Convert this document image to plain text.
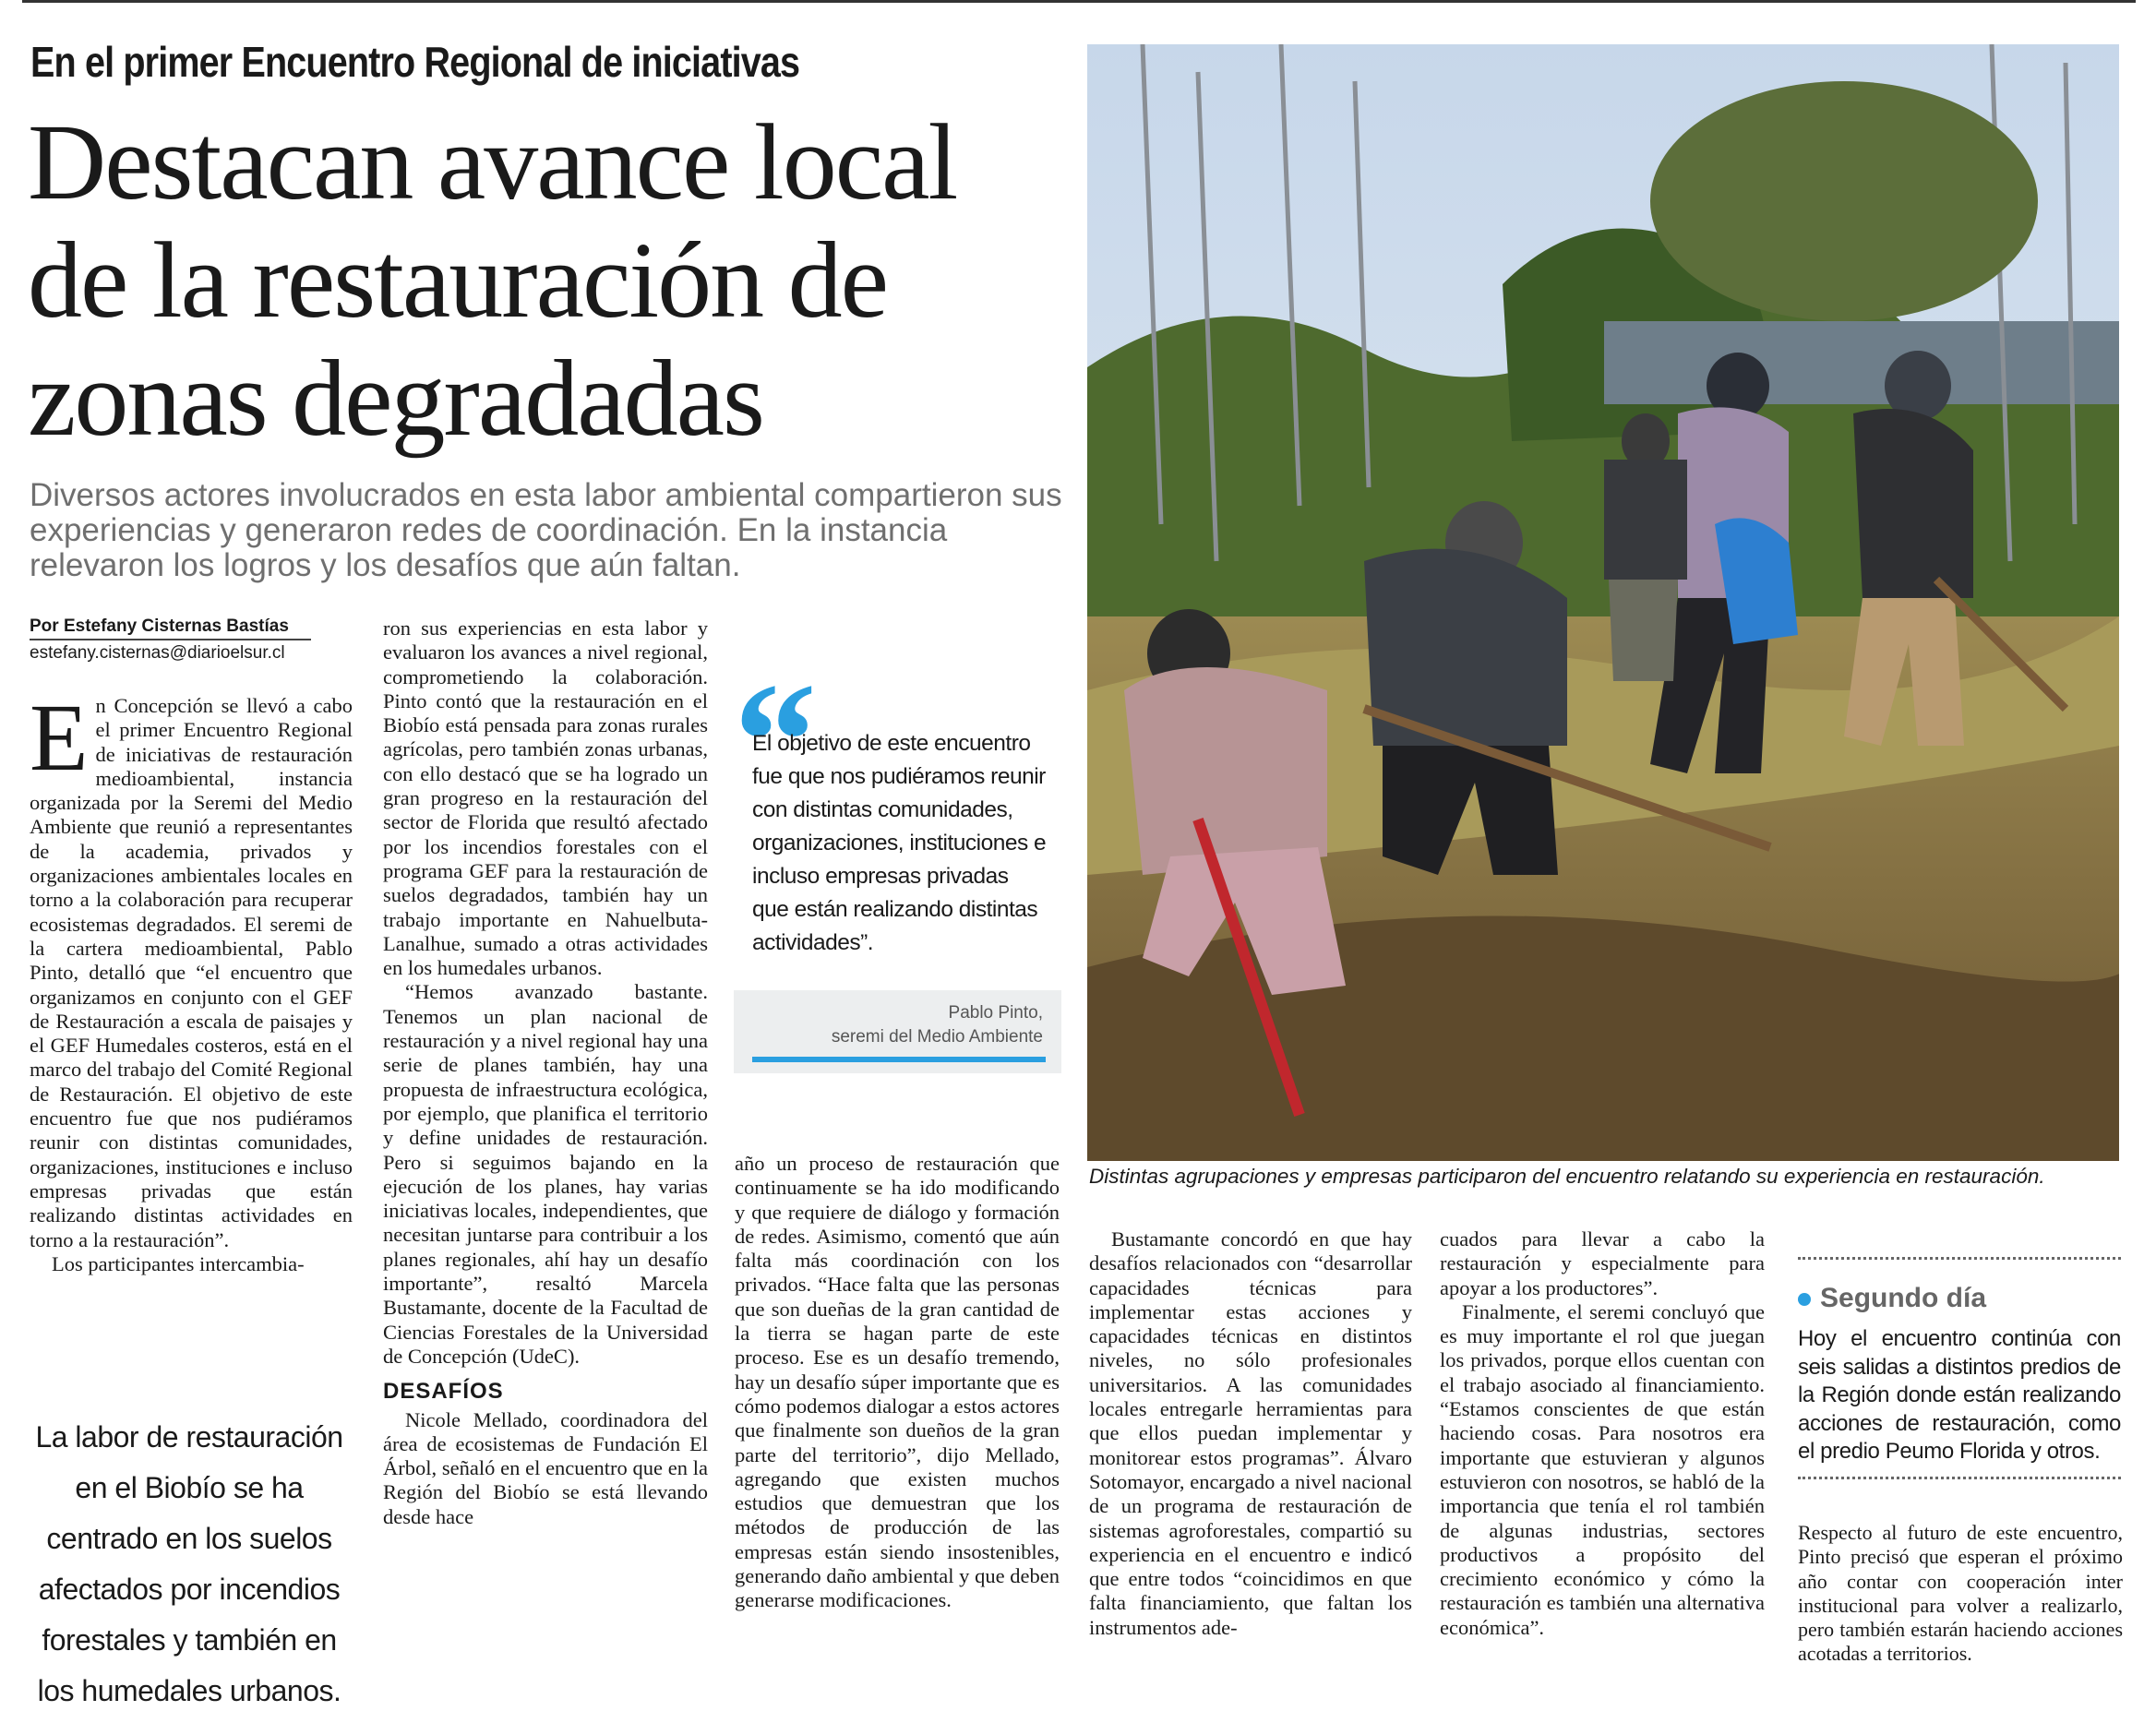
En el primer Encuentro Regional de iniciativas
Destacan avance local de la restauración de zonas degradadas
Diversos actores involucrados en esta labor ambiental compartieron sus experiencias y generaron redes de coordinación. En la instancia relevaron los logros y los desafíos que aún faltan.
Por Estefany Cisternas Bastías
estefany.cisternas@diarioelsur.cl

En Concepción se llevó a cabo el primer Encuentro Regional de iniciativas de restauración medioambiental, instancia organizada por la Seremi del Medio Ambiente que reunió a representantes de la academia, privados y organizaciones ambientales locales en torno a la colaboración para recuperar ecosistemas degradados. El seremi de la cartera medioambiental, Pablo Pinto, detalló que “el encuentro que organizamos en conjunto con el GEF de Restauración a escala de paisajes y el GEF Humedales costeros, está en el marco del trabajo del Comité Regional de Restauración. El objetivo de este encuentro fue que nos pudiéramos reunir con distintas comunidades, organizaciones, instituciones e incluso empresas privadas que están realizando distintas actividades en torno a la restauración”.

Los participantes intercambia-

La labor de restauración en el Biobío se ha centrado en los suelos afectados por incendios forestales y también en los humedales urbanos.

ron sus experiencias en esta labor y evaluaron los avances a nivel regional, comprometiendo la colaboración. Pinto contó que la restauración en el Biobío está pensada para zonas rurales agrícolas, pero también zonas urbanas, con ello destacó que se ha logrado un gran progreso en la restauración del sector de Florida que resultó afectado por los incendios forestales con el programa GEF para la restauración de suelos degradados, también hay un trabajo importante en Nahuelbuta-Lanalhue, sumado a otras actividades en los humedales urbanos.

“Hemos avanzado bastante. Tenemos un plan nacional de restauración y a nivel regional hay una serie de planes también, hay una propuesta de infraestructura ecológica, por ejemplo, que planifica el territorio y define unidades de restauración. Pero si seguimos bajando en la ejecución de los planes, hay varias iniciativas locales, independientes, que necesitan juntarse para contribuir a los planes regionales, ahí hay un desafío importante”, resaltó Marcela Bustamante, docente de la Facultad de Ciencias Forestales de la Universidad de Concepción (UdeC).

DESAFÍOS

Nicole Mellado, coordinadora del área de ecosistemas de Fundación El Árbol, señaló en el encuentro que en la Región del Biobío se está llevando desde hace

“
El objetivo de este encuentro fue que nos pudiéramos reunir con distintas comunidades, organizaciones, instituciones e incluso empresas privadas que están realizando distintas actividades”.
Pablo Pinto,
seremi del Medio Ambiente

año un proceso de restauración que continuamente se ha ido modificando y que requiere de diálogo y formación de redes. Asimismo, comentó que aún falta más coordinación con los privados. “Hace falta que las personas que son dueñas de la gran cantidad de la tierra se hagan parte de este proceso. Ese es un desafío tremendo, hay un desafío súper importante que es cómo podemos dialogar a estos actores que finalmente son dueños de la gran parte del territorio”, dijo Mellado, agregando que existen muchos estudios que demuestran que los métodos de producción de las empresas están siendo insostenibles, generando daño ambiental y que deben generarse modificaciones.

Distintas agrupaciones y empresas participaron del encuentro relatando su experiencia en restauración.

Bustamante concordó en que hay desafíos relacionados con “desarrollar capacidades técnicas para implementar estas acciones y capacidades técnicas en distintos niveles, no sólo profesionales universitarios. A las comunidades locales entregarle herramientas para que ellos puedan implementar y monitorear estos programas”. Álvaro Sotomayor, encargado a nivel nacional de un programa de restauración de sistemas agroforestales, compartió su experiencia en el encuentro e indicó que entre todos “coincidimos en que falta financiamiento, que faltan los instrumentos ade-

cuados para llevar a cabo la restauración y especialmente para apoyar a los productores”.

Finalmente, el seremi concluyó que es muy importante el rol que juegan los privados, porque ellos cuentan con el trabajo asociado al financiamiento. “Estamos conscientes de que están haciendo cosas. Para nosotros era importante que estuvieran y algunos estuvieron con nosotros, se habló de la importancia que tenía el rol también de algunas industrias, sectores productivos a propósito del crecimiento económico y cómo la restauración es también una alternativa económica”.

Segundo día
Hoy el encuentro continúa con seis salidas a distintos predios de la Región donde están realizando acciones de restauración, como el predio Peumo Florida y otros.

Respecto al futuro de este encuentro, Pinto precisó que esperan el próximo año contar con cooperación inter institucional para volver a realizarlo, pero también estarán haciendo acciones acotadas a territorios.
